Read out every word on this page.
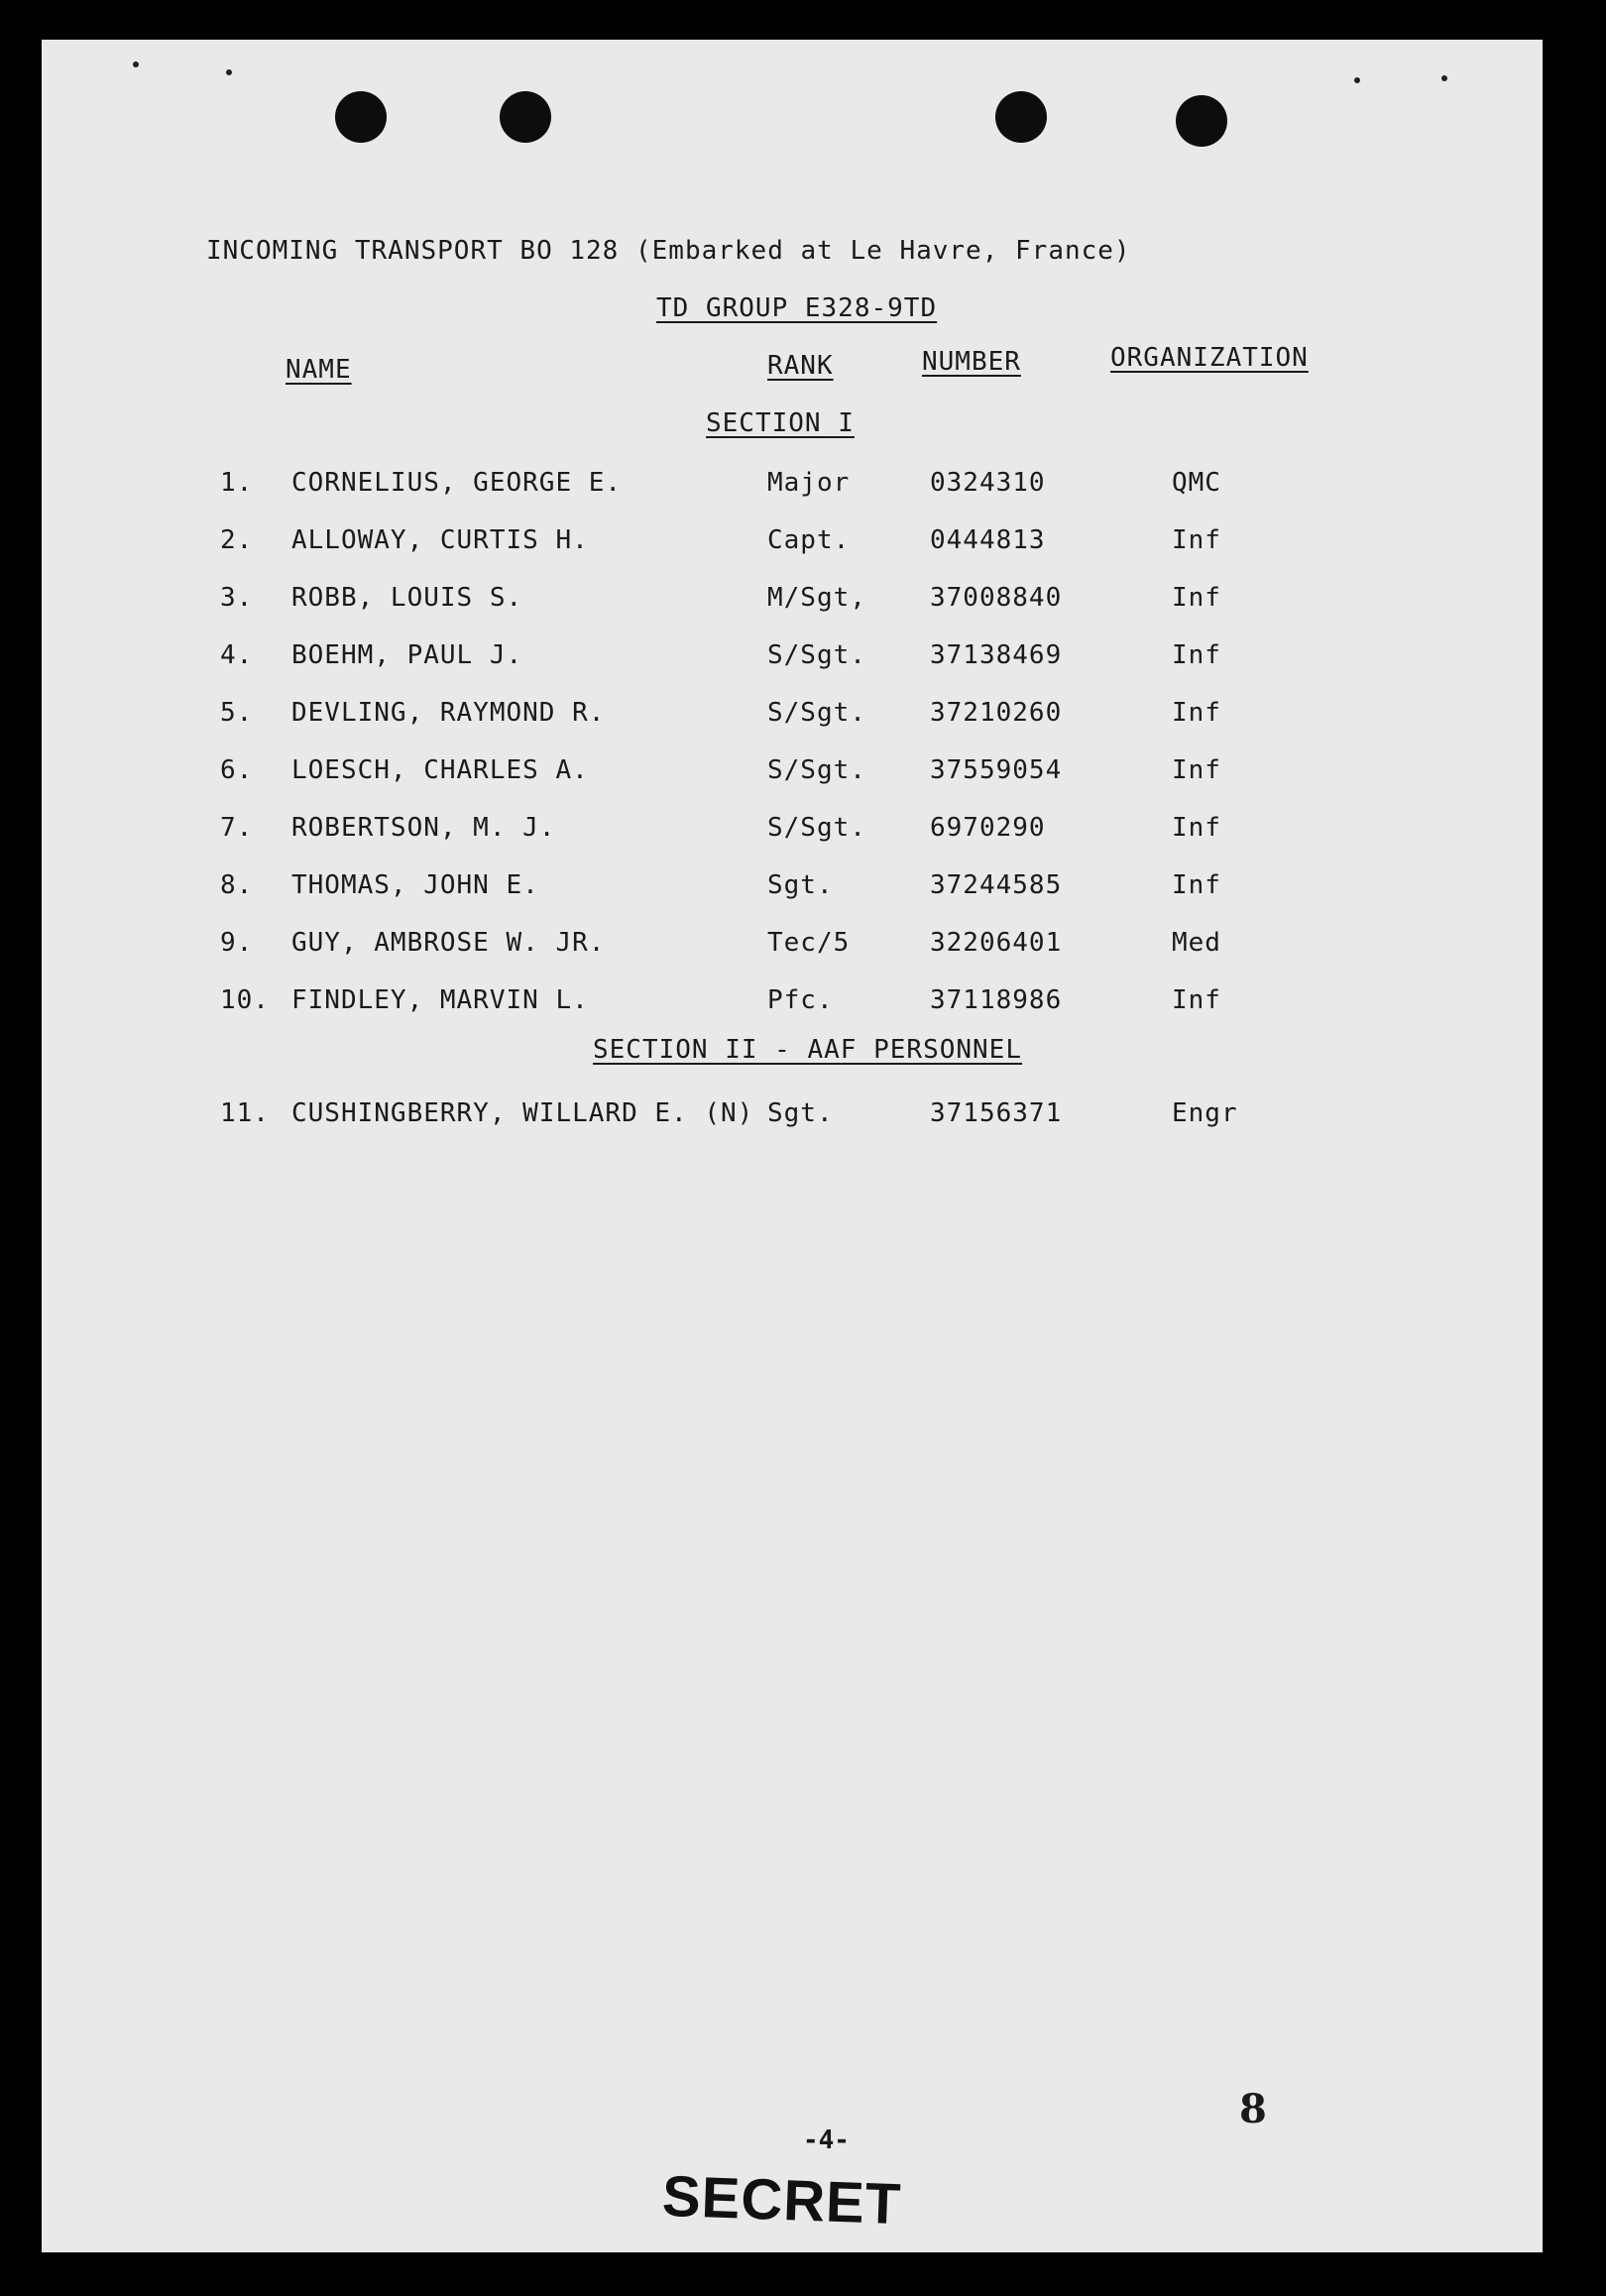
INCOMING TRANSPORT BO 128 (Embarked at Le Havre, France)
TD GROUP E328-9TD
NAME	RANK	NUMBER	ORGANIZATION
SECTION I
1. CORNELIUS, GEORGE E.	Major	0324310	QMC
2. ALLOWAY, CURTIS H.	Capt.	0444813	Inf
3. ROBB, LOUIS S.	M/Sgt, 37008840	Inf
4. BOEHM, PAUL J.	S/Sgt. 37138469	Inf
5. DEVLING, RAYMOND R.	S/Sgt. 37210260	Inf
6. LOESCH, CHARLES A.	S/Sgt. 37559054	Inf
7. ROBERTSON, M. J.	S/Sgt. 6970290	Inf
8. THOMAS, JOHN E.	Sgt.	37244585	Inf
9. GUY, AMBROSE W. JR.	Tec/5	32206401	Med
10. FINDLEY, MARVIN L.	Pfc.	37118986	Inf
SECTION II - AAF PERSONNEL
11. CUSHINGBERRY, WILLARD E. (N) Sgt.	37156371	Engr
8
-4-
SECRET
